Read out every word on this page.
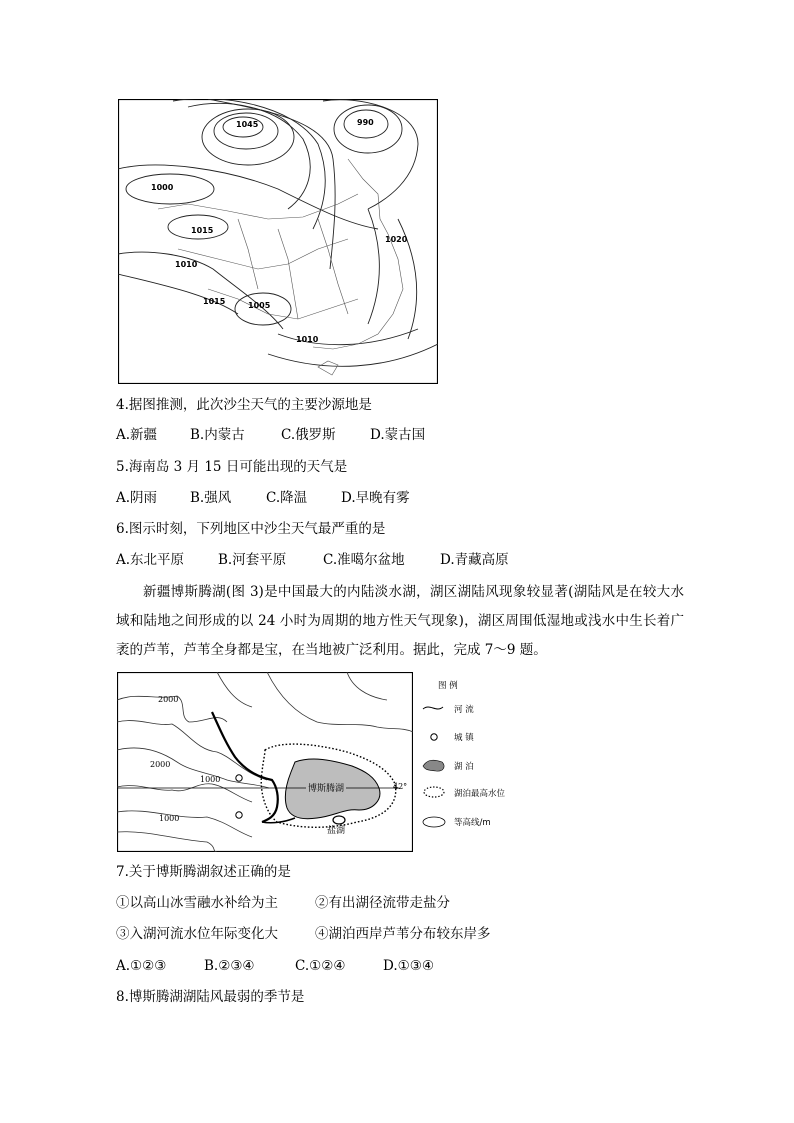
1045	990
1000
1015
1010
1020
1015	1005
1010
4.据图推测，此次沙尘天气的主要沙源地是
A.新疆 B.内蒙古	C.俄罗斯	D.蒙古国
5.海南岛 3 月 15 日可能出现的天气是
A.阴雨 B.强风	C.降温	D.早晚有雾
6.图示时刻，下列地区中沙尘天气最严重的是
A.东北平原	B.河套平原	C.准噶尔盆地	D.青藏高原
新疆博斯腾湖(图 3)是中国最大的内陆淡水湖，湖区湖陆风现象较显著(湖陆风是在较大水域和陆地之间形成的以 24 小时为周期的地方性天气现象)，湖区周围低湿地或浅水中生长着广袤的芦苇，芦苇全身都是宝，在当地被广泛利用。据此，完成 7～9 题。
2000
2000
1000
1000
博斯腾湖
盐湖
42°
图 例
河 流
城 镇
湖 泊
湖泊最高水位
等高线/m
7.关于博斯腾湖叙述正确的是
①以高山冰雪融水补给为主	②有出湖径流带走盐分
③入湖河流水位年际变化大	④湖泊西岸芦苇分布较东岸多
A.①②③	B.②③④	C.①②④	D.①③④
8.博斯腾湖湖陆风最弱的季节是
